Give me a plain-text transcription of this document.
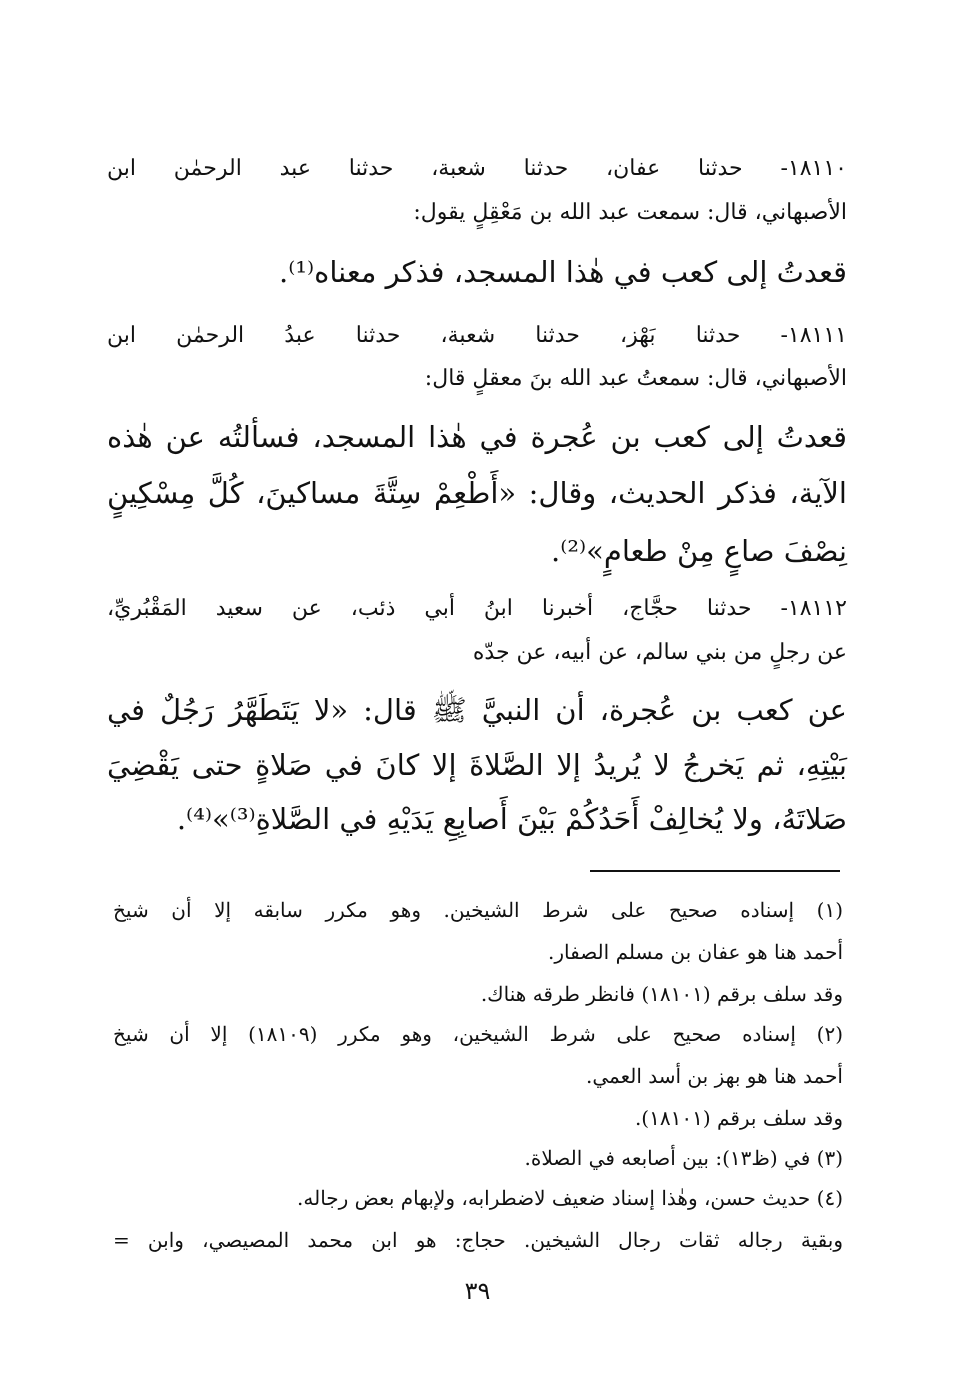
١٨١١٠- حدثنا عفان، حدثنا شعبة، حدثنا عبد الرحمٰن ابن
الأصبهاني، قال: سمعت عبد الله بن مَعْقِلٍ يقول:
قعدتُ إلى كعب في هٰذا المسجد، فذكر معناه⁽¹⁾.
١٨١١١- حدثنا بَهْز، حدثنا شعبة، حدثنا عبدُ الرحمٰن ابن
الأصبهاني، قال: سمعتُ عبد الله بنَ معقلٍ قال:
قعدتُ إلى كعب بن عُجرة في هٰذا المسجد، فسألتُه عن هٰذه
الآية، فذكر الحديث، وقال: «أَطْعِمْ سِتَّةَ مساكينَ، كُلَّ مِسْكِينٍ
نِصْفَ صاعٍ مِنْ طعامٍ»⁽²⁾.
١٨١١٢- حدثنا حجَّاج، أخبرنا ابنُ أبي ذئب، عن سعيد المَقْبُريِّ،
عن رجلٍ من بني سالم، عن أبيه، عن جدّه
عن كعب بن عُجرة، أن النبيَّ ﷺ قال: «لا يَتَطَهَّرُ رَجُلٌ في
بَيْتِهِ، ثم يَخرجُ لا يُريدُ إلا الصَّلاةَ إلا كانَ في صَلاةٍ حتى يَقْضِيَ
صَلاتَهُ، ولا يُخالِفْ أَحَدُكُمْ بَيْنَ أَصابِعِ يَدَيْهِ في الصَّلاةِ⁽³⁾»⁽⁴⁾.
(١) إسناده صحيح على شرط الشيخين. وهو مكرر سابقه إلا أن شيخ
أحمد هنا هو عفان بن مسلم الصفار.
وقد سلف برقم (١٨١٠١) فانظر طرقه هناك.
(٢) إسناده صحيح على شرط الشيخين، وهو مكرر (١٨١٠٩) إلا أن شيخ
أحمد هنا هو بهز بن أسد العمي.
وقد سلف برقم (١٨١٠١).
(٣) في (ظ١٣): بين أصابعه في الصلاة.
(٤) حديث حسن، وهٰذا إسناد ضعيف لاضطرابه، ولإبهام بعض رجاله.
وبقية رجاله ثقات رجال الشيخين. حجاج: هو ابن محمد المصيصي، وابن =
٣٩
